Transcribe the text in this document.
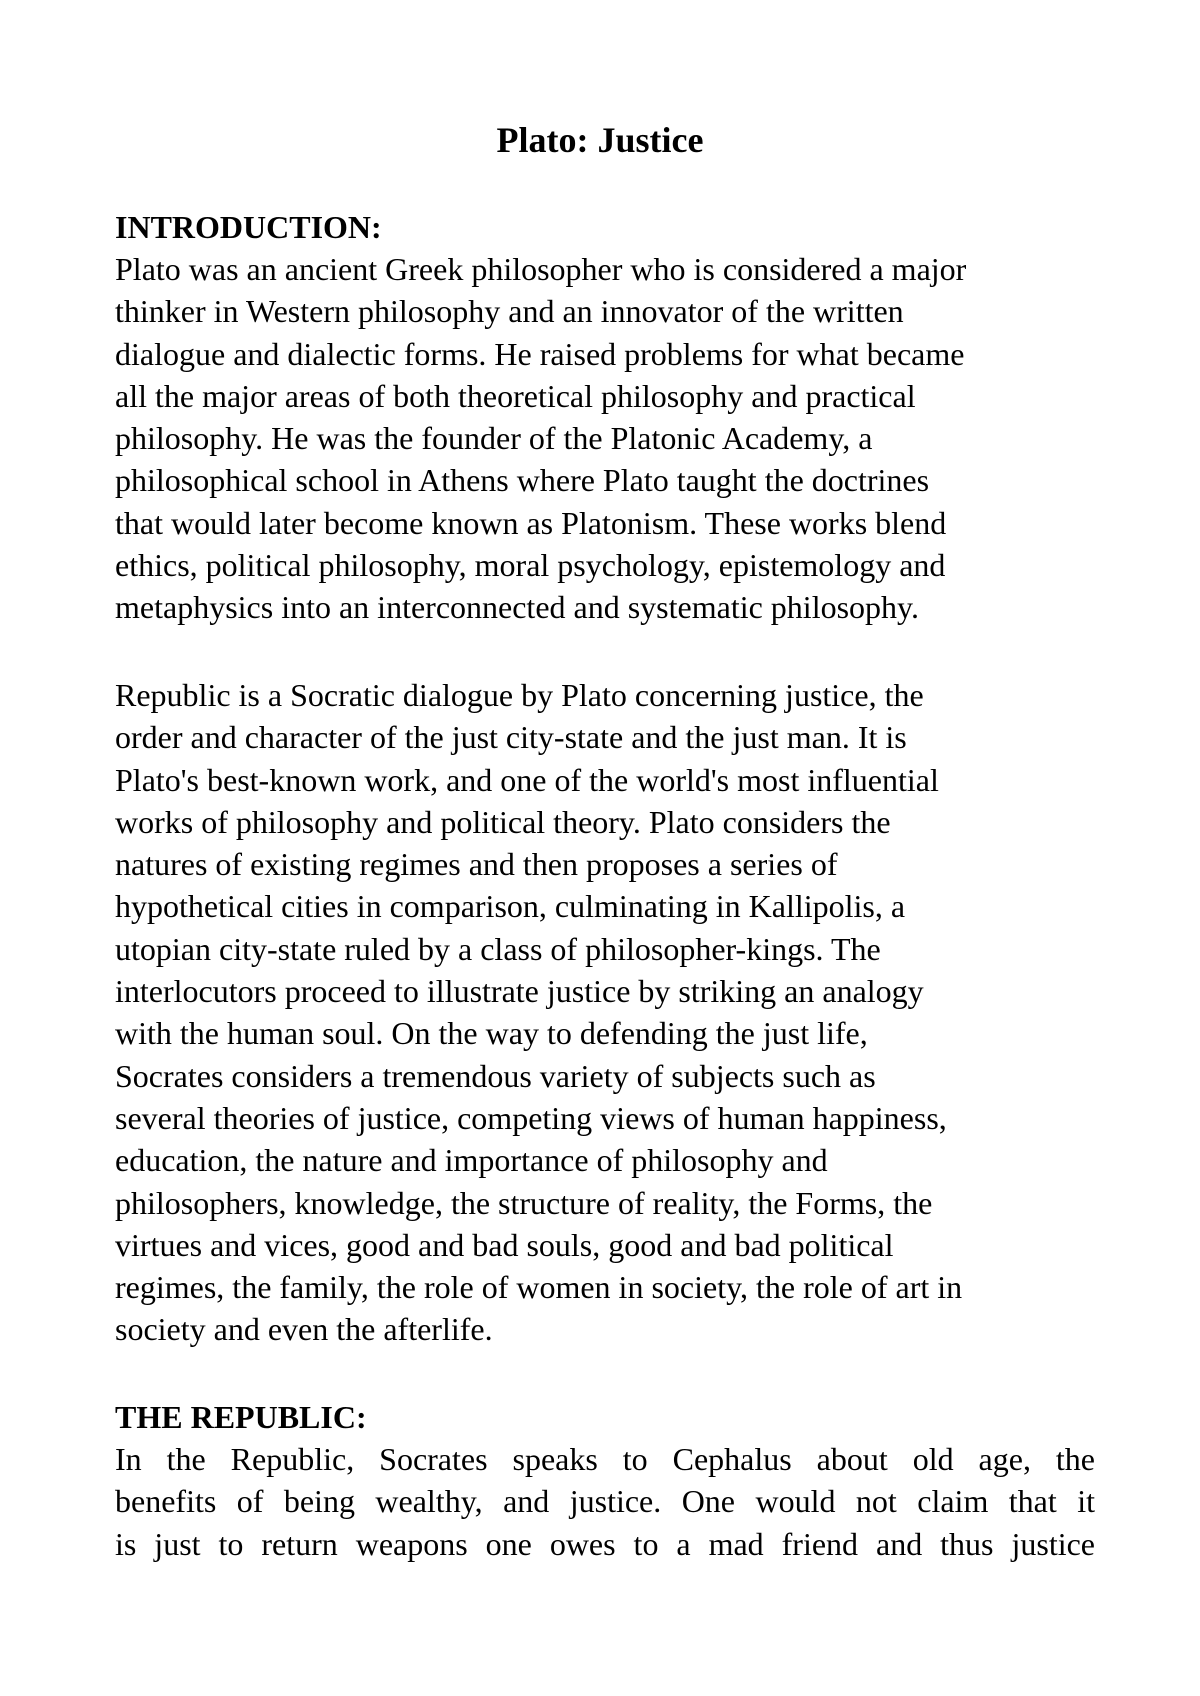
Plato: Justice
INTRODUCTION:
Plato was an ancient Greek philosopher who is considered a major
thinker in Western philosophy and an innovator of the written
dialogue and dialectic forms. He raised problems for what became
all the major areas of both theoretical philosophy and practical
philosophy. He was the founder of the Platonic Academy, a
philosophical school in Athens where Plato taught the doctrines
that would later become known as Platonism. These works blend
ethics, political philosophy, moral psychology, epistemology and
metaphysics into an interconnected and systematic philosophy.
Republic is a Socratic dialogue by Plato concerning justice, the
order and character of the just city-state and the just man. It is
Plato's best-known work, and one of the world's most influential
works of philosophy and political theory. Plato considers the
natures of existing regimes and then proposes a series of
hypothetical cities in comparison, culminating in Kallipolis, a
utopian city-state ruled by a class of philosopher-kings. The
interlocutors proceed to illustrate justice by striking an analogy
with the human soul. On the way to defending the just life,
Socrates considers a tremendous variety of subjects such as
several theories of justice, competing views of human happiness,
education, the nature and importance of philosophy and
philosophers, knowledge, the structure of reality, the Forms, the
virtues and vices, good and bad souls, good and bad political
regimes, the family, the role of women in society, the role of art in
society and even the afterlife.
THE REPUBLIC:
In the Republic, Socrates speaks to Cephalus about old age, the
benefits of being wealthy, and justice. One would not claim that it
is just to return weapons one owes to a mad friend and thus justice
